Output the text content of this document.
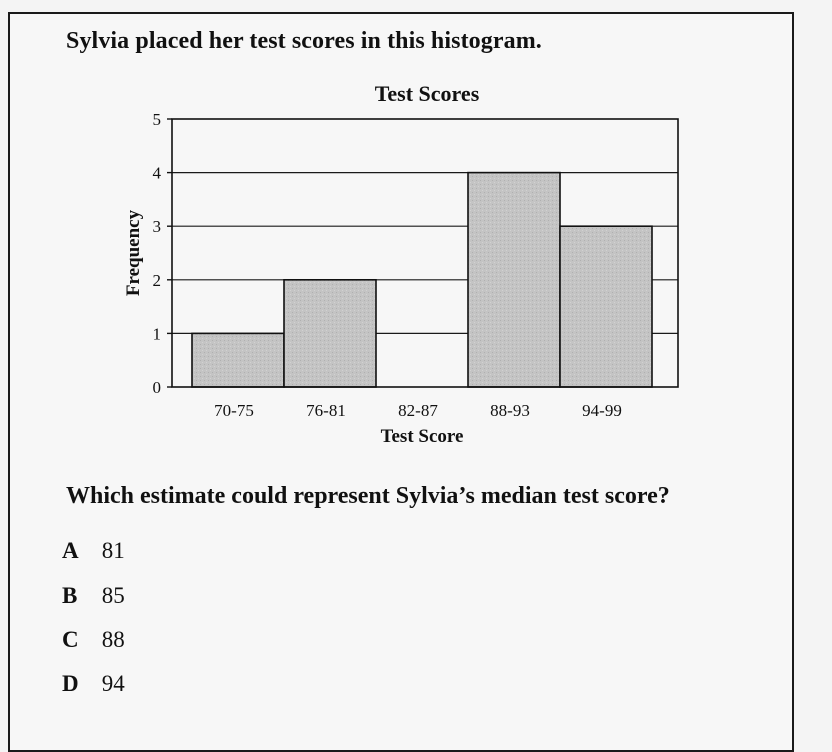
Sylvia placed her test scores in this histogram.
0
1
2
3
4
5
70-75	76-81	82-87	88-93	94-99
Test Scores
Test Score
Frequency
Which estimate could represent Sylvia’s median test score?
A 81
B 85
C 88
D 94
